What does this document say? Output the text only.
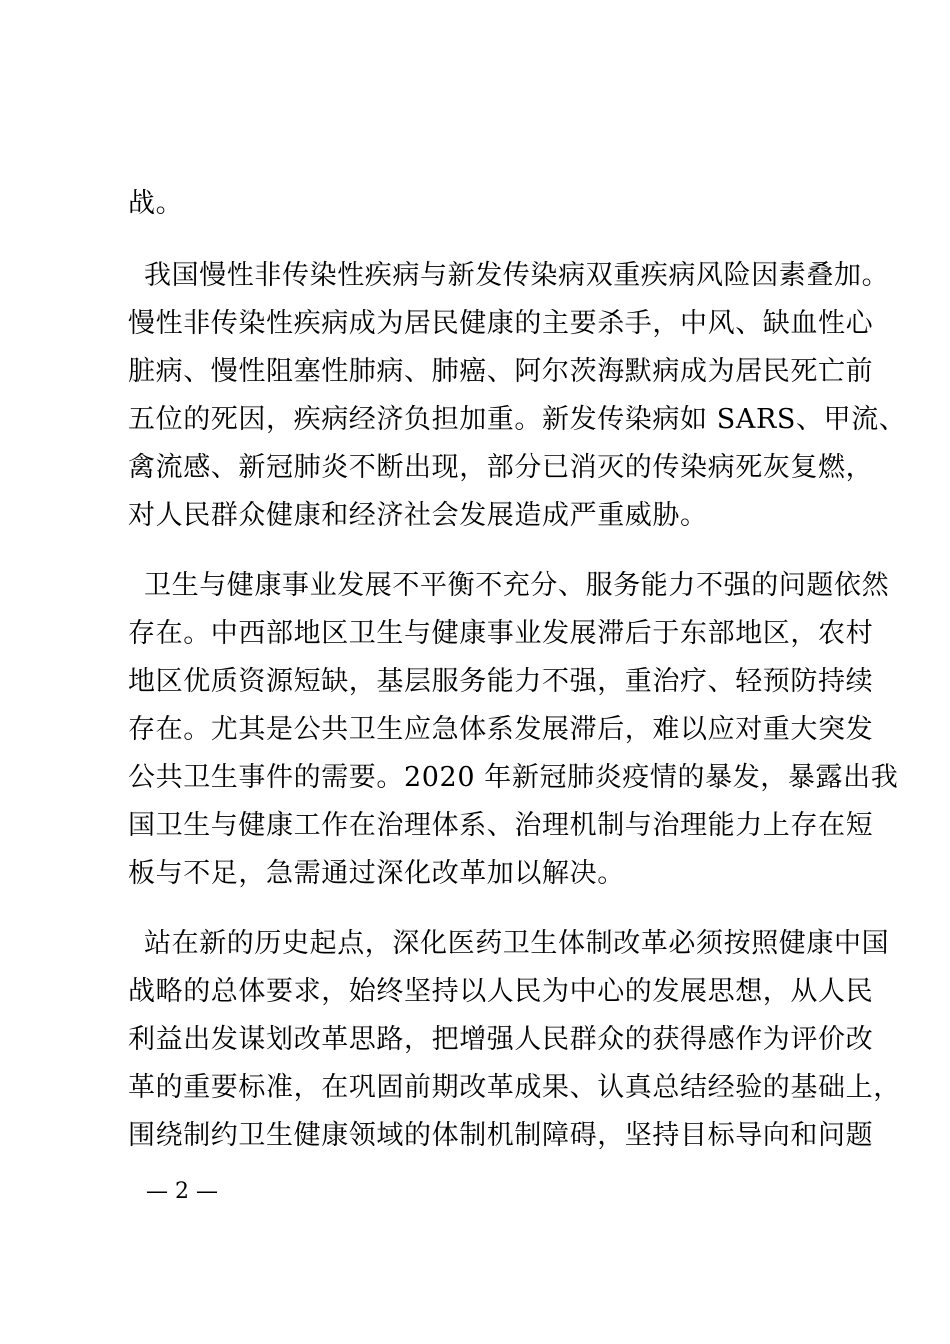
战。
我国慢性非传染性疾病与新发传染病双重疾病风险因素叠加。
慢性非传染性疾病成为居民健康的主要杀手，中风、缺血性心
脏病、慢性阻塞性肺病、肺癌、阿尔茨海默病成为居民死亡前
五位的死因，疾病经济负担加重。新发传染病如 SARS、甲流、
禽流感、新冠肺炎不断出现，部分已消灭的传染病死灰复燃，
对人民群众健康和经济社会发展造成严重威胁。
卫生与健康事业发展不平衡不充分、服务能力不强的问题依然
存在。中西部地区卫生与健康事业发展滞后于东部地区，农村
地区优质资源短缺，基层服务能力不强，重治疗、轻预防持续
存在。尤其是公共卫生应急体系发展滞后，难以应对重大突发
公共卫生事件的需要。2020 年新冠肺炎疫情的暴发，暴露出我
国卫生与健康工作在治理体系、治理机制与治理能力上存在短
板与不足，急需通过深化改革加以解决。
站在新的历史起点，深化医药卫生体制改革必须按照健康中国
战略的总体要求，始终坚持以人民为中心的发展思想，从人民
利益出发谋划改革思路，把增强人民群众的获得感作为评价改
革的重要标准，在巩固前期改革成果、认真总结经验的基础上，
围绕制约卫生健康领域的体制机制障碍，坚持目标导向和问题
— 2 —
